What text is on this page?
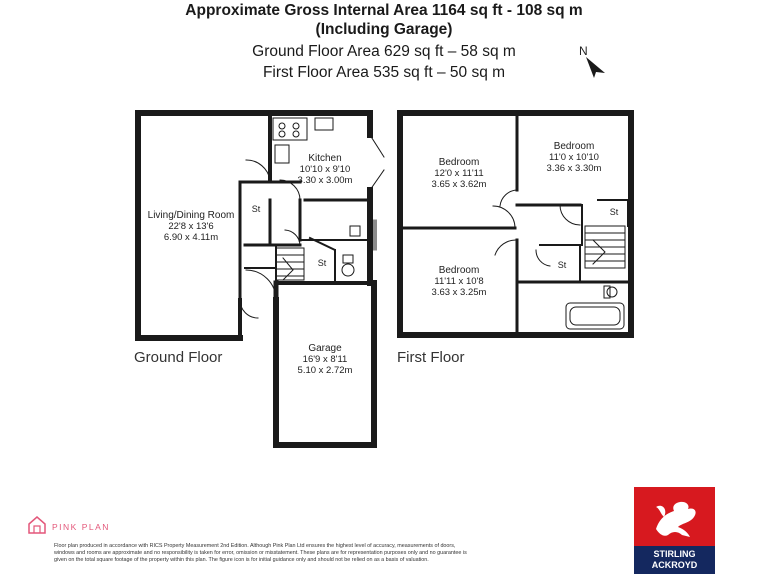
Approximate Gross Internal Area 1164 sq ft - 108 sq m
(Including Garage)
Ground Floor Area 629 sq ft – 58 sq m
First Floor Area 535 sq ft – 50 sq m
N
Kitchen
10'10 x 9'10
3.30 x 3.00m
Living/Dining Room
22'8 x 13'6
6.90 x 4.11m
Garage
16'9 x 8'11
5.10 x 2.72m
St
St
Bedroom
12'0 x 11'11
3.65 x 3.62m
Bedroom
11'0 x 10'10
3.36 x 3.30m
Bedroom
11'11 x 10'8
3.63 x 3.25m
St
St
Ground Floor	First Floor
PINK PLAN
Floor plan produced in accordance with RICS Property Measurement 2nd Edition. Although Pink Plan Ltd ensures the highest level of accuracy, measurements of doors, windows and rooms are approximate and no responsibility is taken for error, omission or misstatement. These plans are for representation purposes only and no guarantee is given on the total square footage of the property within this plan. The figure icon is for initial guidance only and should not be relied on as a basis of valuation.
STIRLING
ACKROYD
